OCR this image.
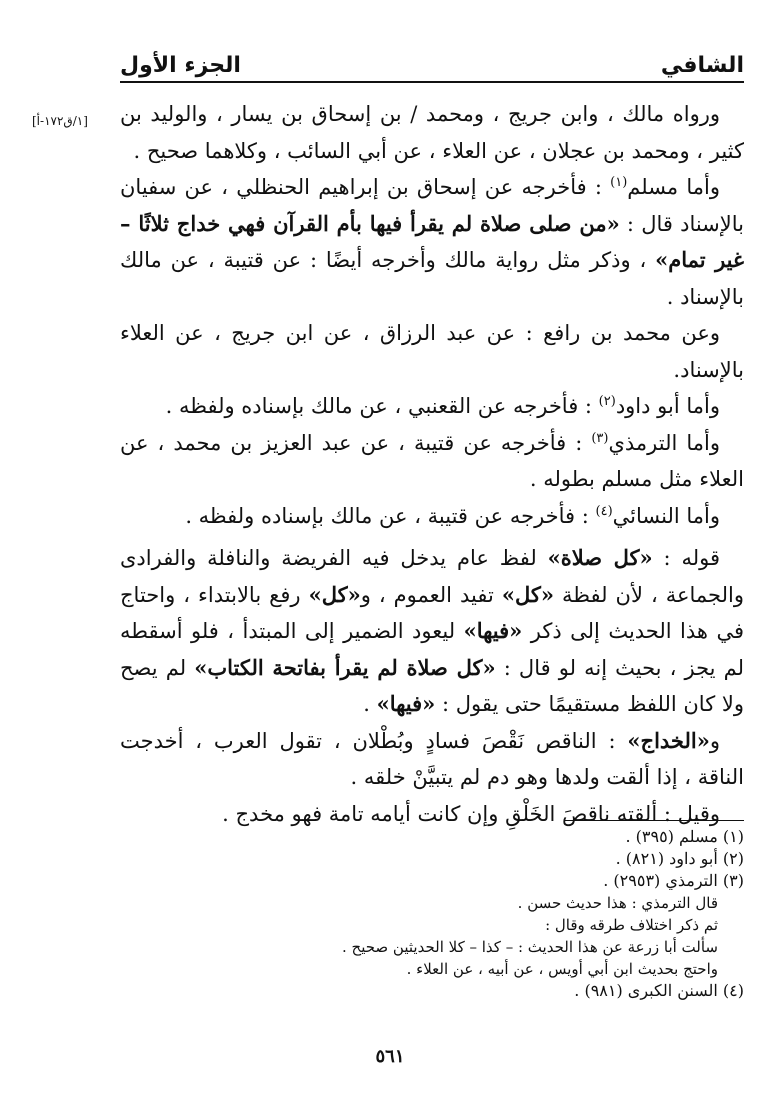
الشافي
الجزء الأول
[١/ق١٧٢-أ]	ورواه مالك ، وابن جريج ، ومحمد / بن إسحاق بن يسار ، والوليد بن كثير ، ومحمد بن عجلان ، عن العلاء ، عن أبي السائب ، وكلاهما صحيح .

وأما مسلم$^{(١)}$ : فأخرجه عن إسحاق بن إبراهيم الحنظلي ، عن سفيان بالإسناد قال : «من صلى صلاة لم يقرأ فيها بأم القرآن فهي خداج ثلاثًا – غير تمام» ، وذكر مثل رواية مالك وأخرجه أيضًا : عن قتيبة ، عن مالك بالإسناد .

وعن محمد بن رافع : عن عبد الرزاق ، عن ابن جريج ، عن العلاء بالإسناد.

وأما أبو داود$^{(٢)}$ : فأخرجه عن القعنبي ، عن مالك بإسناده ولفظه .

وأما الترمذي$^{(٣)}$ : فأخرجه عن قتيبة ، عن عبد العزيز بن محمد ، عن العلاء مثل مسلم بطوله .

وأما النسائي$^{(٤)}$ : فأخرجه عن قتيبة ، عن مالك بإسناده ولفظه .

قوله : «كل صلاة» لفظ عام يدخل فيه الفريضة والنافلة والفرادى والجماعة ، لأن لفظة «كل» تفيد العموم ، و«كل» رفع بالابتداء ، واحتاج في هذا الحديث إلى ذكر «فيها» ليعود الضمير إلى المبتدأ ، فلو أسقطه لم يجز ، بحيث إنه لو قال : «كل صلاة لم يقرأ بفاتحة الكتاب» لم يصح ولا كان اللفظ مستقيمًا حتى يقول : «فيها» .

و«الخداج» : الناقص نَقْصَ فسادٍ وبُطْلان ، تقول العرب ، أخدجت الناقة ، إذا ألقت ولدها وهو دم لم يتبيَّنْ خلقه .

وقيل : ألقته ناقصَ الخَلْقِ وإن كانت أيامه تامة فهو مخدج .

(١) مسلم (٣٩٥) .

(٢) أبو داود (٨٢١) .

(٣) الترمذي (٢٩٥٣) .

قال الترمذي : هذا حديث حسن .

ثم ذكر اختلاف طرقه وقال :

سألت أبا زرعة عن هذا الحديث : – كذا – كلا الحديثين صحيح .

واحتج بحديث ابن أبي أويس ، عن أبيه ، عن العلاء .

(٤) السنن الكبرى (٩٨١) .

٥٦١
